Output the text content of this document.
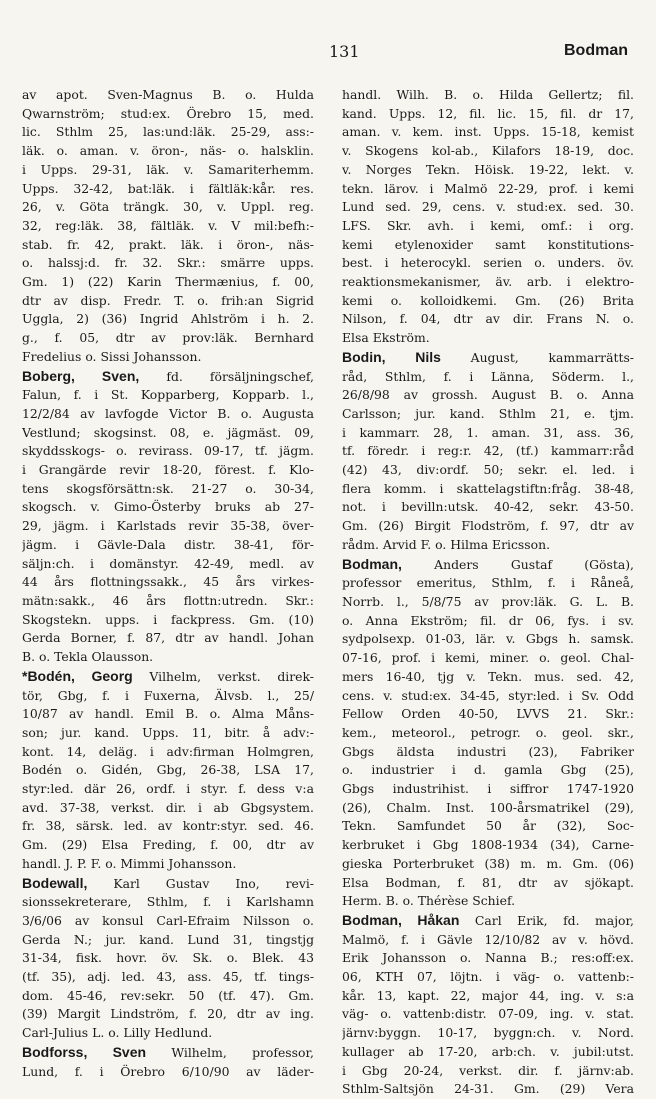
131	Bodman
av apot. Sven-Magnus B. o. Hulda
Qwarnström; stud:ex. Örebro 15, med.
lic. Sthlm 25, las:und:läk. 25-29, ass:-
läk. o. aman. v. öron-, näs- o. halsklin.
i Upps. 29-31, läk. v. Samariterhemm.
Upps. 32-42, bat:läk. i fältläk:kår. res.
26, v. Göta trängk. 30, v. Uppl. reg.
32, reg:läk. 38, fältläk. v. V mil:befh:-
stab. fr. 42, prakt. läk. i öron-, näs-
o. halssj:d. fr. 32. Skr.: smärre upps.
Gm. 1) (22) Karin Thermænius, f. 00,
dtr av disp. Fredr. T. o. frih:an Sigrid
Uggla, 2) (36) Ingrid Ahlström i h. 2.
g., f. 05, dtr av prov:läk. Bernhard
Fredelius o. Sissi Johansson.
Boberg, Sven, fd. försäljningschef,
Falun, f. i St. Kopparberg, Kopparb. l.,
12/2/84 av lavfogde Victor B. o. Augusta
Vestlund; skogsinst. 08, e. jägmäst. 09,
skyddsskogs- o. revirass. 09-17, tf. jägm.
i Grangärde revir 18-20, förest. f. Klo-
tens skogsförsättn:sk. 21-27 o. 30-34,
skogsch. v. Gimo-Österby bruks ab 27-
29, jägm. i Karlstads revir 35-38, över-
jägm. i Gävle-Dala distr. 38-41, för-
säljn:ch. i domänstyr. 42-49, medl. av
44 års flottningssakk., 45 års virkes-
mätn:sakk., 46 års flottn:utredn. Skr.:
Skogstekn. upps. i fackpress. Gm. (10)
Gerda Borner, f. 87, dtr av handl. Johan
B. o. Tekla Olausson.
*Bodén, Georg Vilhelm, verkst. direk-
tör, Gbg, f. i Fuxerna, Älvsb. l., 25/
10/87 av handl. Emil B. o. Alma Måns-
son; jur. kand. Upps. 11, bitr. å adv:-
kont. 14, deläg. i adv:firman Holmgren,
Bodén o. Gidén, Gbg, 26-38, LSA 17,
styr:led. där 26, ordf. i styr. f. dess v:a
avd. 37-38, verkst. dir. i ab Gbgsystem.
fr. 38, särsk. led. av kontr:styr. sed. 46.
Gm. (29) Elsa Freding, f. 00, dtr av
handl. J. P. F. o. Mimmi Johansson.
Bodewall, Karl Gustav Ino, revi-
sionssekreterare, Sthlm, f. i Karlshamn
3/6/06 av konsul Carl-Efraim Nilsson o.
Gerda N.; jur. kand. Lund 31, tingstjg
31-34, fisk. hovr. öv. Sk. o. Blek. 43
(tf. 35), adj. led. 43, ass. 45, tf. tings-
dom. 45-46, rev:sekr. 50 (tf. 47). Gm.
(39) Margit Lindström, f. 20, dtr av ing.
Carl-Julius L. o. Lilly Hedlund.
Bodforss, Sven Wilhelm, professor,
Lund, f. i Örebro 6/10/90 av läder-
handl. Wilh. B. o. Hilda Gellertz; fil.
kand. Upps. 12, fil. lic. 15, fil. dr 17,
aman. v. kem. inst. Upps. 15-18, kemist
v. Skogens kol-ab., Kilafors 18-19, doc.
v. Norges Tekn. Höisk. 19-22, lekt. v.
tekn. lärov. i Malmö 22-29, prof. i kemi
Lund sed. 29, cens. v. stud:ex. sed. 30.
LFS. Skr. avh. i kemi, omf.: i org.
kemi etylenoxider samt konstitutions-
best. i heterocykl. serien o. unders. öv.
reaktionsmekanismer, äv. arb. i elektro-
kemi o. kolloidkemi. Gm. (26) Brita
Nilson, f. 04, dtr av dir. Frans N. o.
Elsa Ekström.
Bodin, Nils August, kammarrätts-
råd, Sthlm, f. i Länna, Söderm. l.,
26/8/98 av grossh. August B. o. Anna
Carlsson; jur. kand. Sthlm 21, e. tjm.
i kammarr. 28, 1. aman. 31, ass. 36,
tf. föredr. i reg:r. 42, (tf.) kammarr:råd
(42) 43, div:ordf. 50; sekr. el. led. i
flera komm. i skattelagstiftn:fråg. 38-48,
not. i bevilln:utsk. 40-42, sekr. 43-50.
Gm. (26) Birgit Flodström, f. 97, dtr av
rådm. Arvid F. o. Hilma Ericsson.
Bodman, Anders Gustaf (Gösta),
professor emeritus, Sthlm, f. i Råneå,
Norrb. l., 5/8/75 av prov:läk. G. L. B.
o. Anna Ekström; fil. dr 06, fys. i sv.
sydpolsexp. 01-03, lär. v. Gbgs h. samsk.
07-16, prof. i kemi, miner. o. geol. Chal-
mers 16-40, tjg v. Tekn. mus. sed. 42,
cens. v. stud:ex. 34-45, styr:led. i Sv. Odd
Fellow Orden 40-50, LVVS 21. Skr.:
kem., meteorol., petrogr. o. geol. skr.,
Gbgs äldsta industri (23), Fabriker
o. industrier i d. gamla Gbg (25),
Gbgs industrihist. i siffror 1747-1920
(26), Chalm. Inst. 100-årsmatrikel (29),
Tekn. Samfundet 50 år (32), Soc-
kerbruket i Gbg 1808-1934 (34), Carne-
gieska Porterbruket (38) m. m. Gm. (06)
Elsa Bodman, f. 81, dtr av sjökapt.
Herm. B. o. Thérèse Schief.
Bodman, Håkan Carl Erik, fd. major,
Malmö, f. i Gävle 12/10/82 av v. hövd.
Erik Johansson o. Nanna B.; res:off:ex.
06, KTH 07, löjtn. i väg- o. vattenb:-
kår. 13, kapt. 22, major 44, ing. v. s:a
väg- o. vattenb:distr. 07-09, ing. v. stat.
järnv:byggn. 10-17, byggn:ch. v. Nord.
kullager ab 17-20, arb:ch. v. jubil:utst.
i Gbg 20-24, verkst. dir. f. järnv:ab.
Sthlm-Saltsjön 24-31. Gm. (29) Vera
